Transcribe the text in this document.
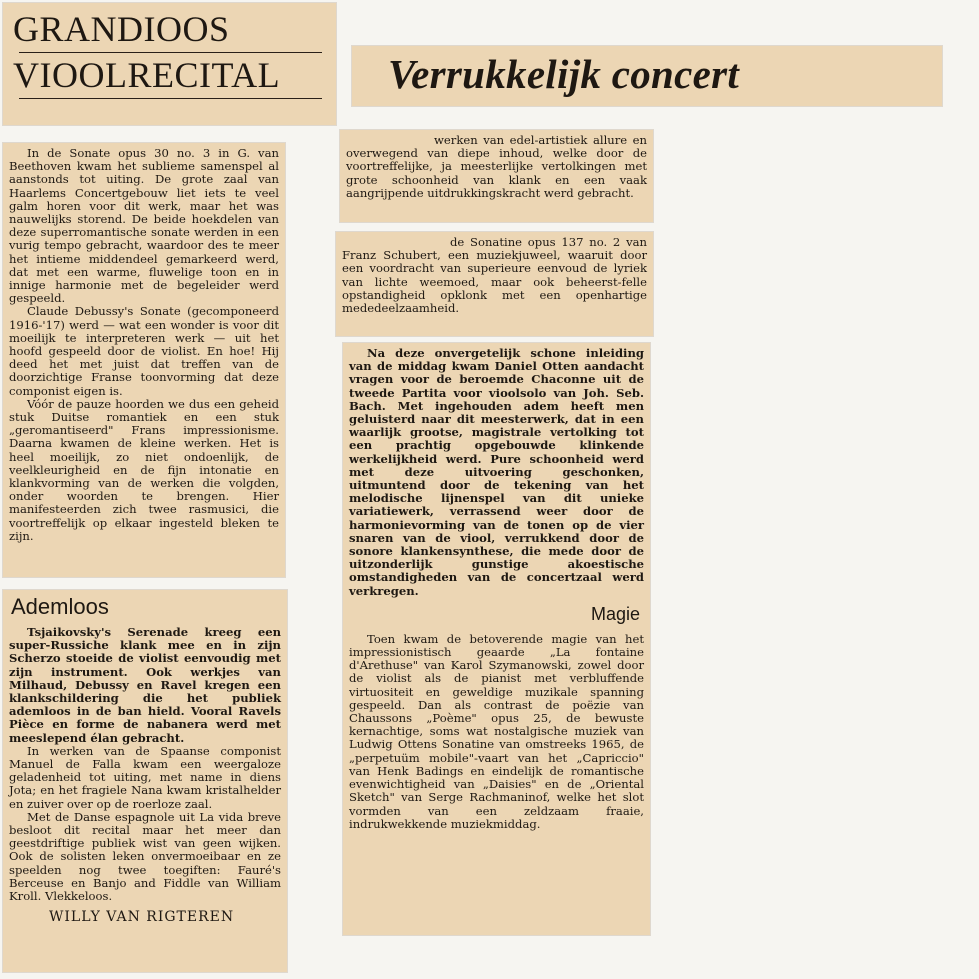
GRANDIOOS
VIOOLRECITAL	Verrukkelijk concert

In de Sonate opus 30 no. 3 in G. van Beethoven kwam het sublieme samenspel al aanstonds tot uiting. De grote zaal van Haarlems Concertgebouw liet iets te veel galm horen voor dit werk, maar het was nauwelijks storend. De beide hoekdelen van deze superromantische sonate werden in een vurig tempo gebracht, waardoor des te meer het intieme middendeel gemarkeerd werd, dat met een warme, fluwelige toon en in innige harmonie met de begeleider werd gespeeld.

Claude Debussy's Sonate (gecomponeerd 1916-'17) werd — wat een wonder is voor dit moeilijk te interpreteren werk — uit het hoofd gespeeld door de violist. En hoe! Hij deed het met juist dat treffen van de doorzichtige Franse toonvorming dat deze componist eigen is.

Vóór de pauze hoorden we dus een geheid stuk Duitse romantiek en een stuk „geromantiseerd" Frans impressionisme. Daarna kwamen de kleine werken. Het is heel moeilijk, zo niet ondoenlijk, de veelkleurigheid en de fijn intonatie en klankvorming van de werken die volgden, onder woorden te brengen. Hier manifesteerden zich twee rasmusici, die voortreffelijk op elkaar ingesteld bleken te zijn.

Ademloos

Tsjaikovsky's Serenade kreeg een super-Russiche klank mee en in zijn Scherzo stoeide de violist eenvoudig met zijn instrument. Ook werkjes van Milhaud, Debussy en Ravel kregen een klankschildering die het publiek ademloos in de ban hield. Vooral Ravels Pièce en forme de nabanera werd met meeslepend élan gebracht.

In werken van de Spaanse componist Manuel de Falla kwam een weergaloze geladenheid tot uiting, met name in diens Jota; en het fragiele Nana kwam kristalhelder en zuiver over op de roerloze zaal.

Met de Danse espagnole uit La vida breve besloot dit recital maar het meer dan geestdriftige publiek wist van geen wijken. Ook de solisten leken onvermoeibaar en ze speelden nog twee toegiften: Fauré's Berceuse en Banjo and Fiddle van William Kroll. Vlekkeloos.

WILLY VAN RIGTEREN

werken van edel-artistiek allure en overwegend van diepe inhoud, welke door de voortreffelijke, ja meesterlijke vertolkingen met grote schoonheid van klank en een vaak aangrijpende uitdrukkingskracht werd gebracht.

de Sonatine opus 137 no. 2 van Franz Schubert, een muziekjuweel, waaruit door een voordracht van superieure eenvoud de lyriek van lichte weemoed, maar ook beheerst-felle opstandigheid opklonk met een openhartige mededeelzaamheid.

Na deze onvergetelijk schone inleiding van de middag kwam Daniel Otten aandacht vragen voor de beroemde Chaconne uit de tweede Partita voor vioolsolo van Joh. Seb. Bach. Met ingehouden adem heeft men geluisterd naar dit meesterwerk, dat in een waarlijk grootse, magistrale vertolking tot een prachtig opgebouwde klinkende werkelijkheid werd. Pure schoonheid werd met deze uitvoering geschonken, uitmuntend door de tekening van het melodische lijnenspel van dit unieke variatiewerk, verrassend weer door de harmonievorming van de tonen op de vier snaren van de viool, verrukkend door de sonore klankensynthese, die mede door de uitzonderlijk gunstige akoestische omstandigheden van de concertzaal werd verkregen.

Magie

Toen kwam de betoverende magie van het impressionistisch geaarde „La fontaine d'Arethuse" van Karol Szymanowski, zowel door de violist als de pianist met verbluffende virtuositeit en geweldige muzikale spanning gespeeld. Dan als contrast de poëzie van Chaussons „Poème" opus 25, de bewuste kernachtige, soms wat nostalgische muziek van Ludwig Ottens Sonatine van omstreeks 1965, de „perpetuüm mobile"-vaart van het „Capriccio" van Henk Badings en eindelijk de romantische evenwichtigheid van „Daisies" en de „Oriental Sketch" van Serge Rachmaninof, welke het slot vormden van een zeldzaam fraaie, indrukwekkende muziekmiddag.
